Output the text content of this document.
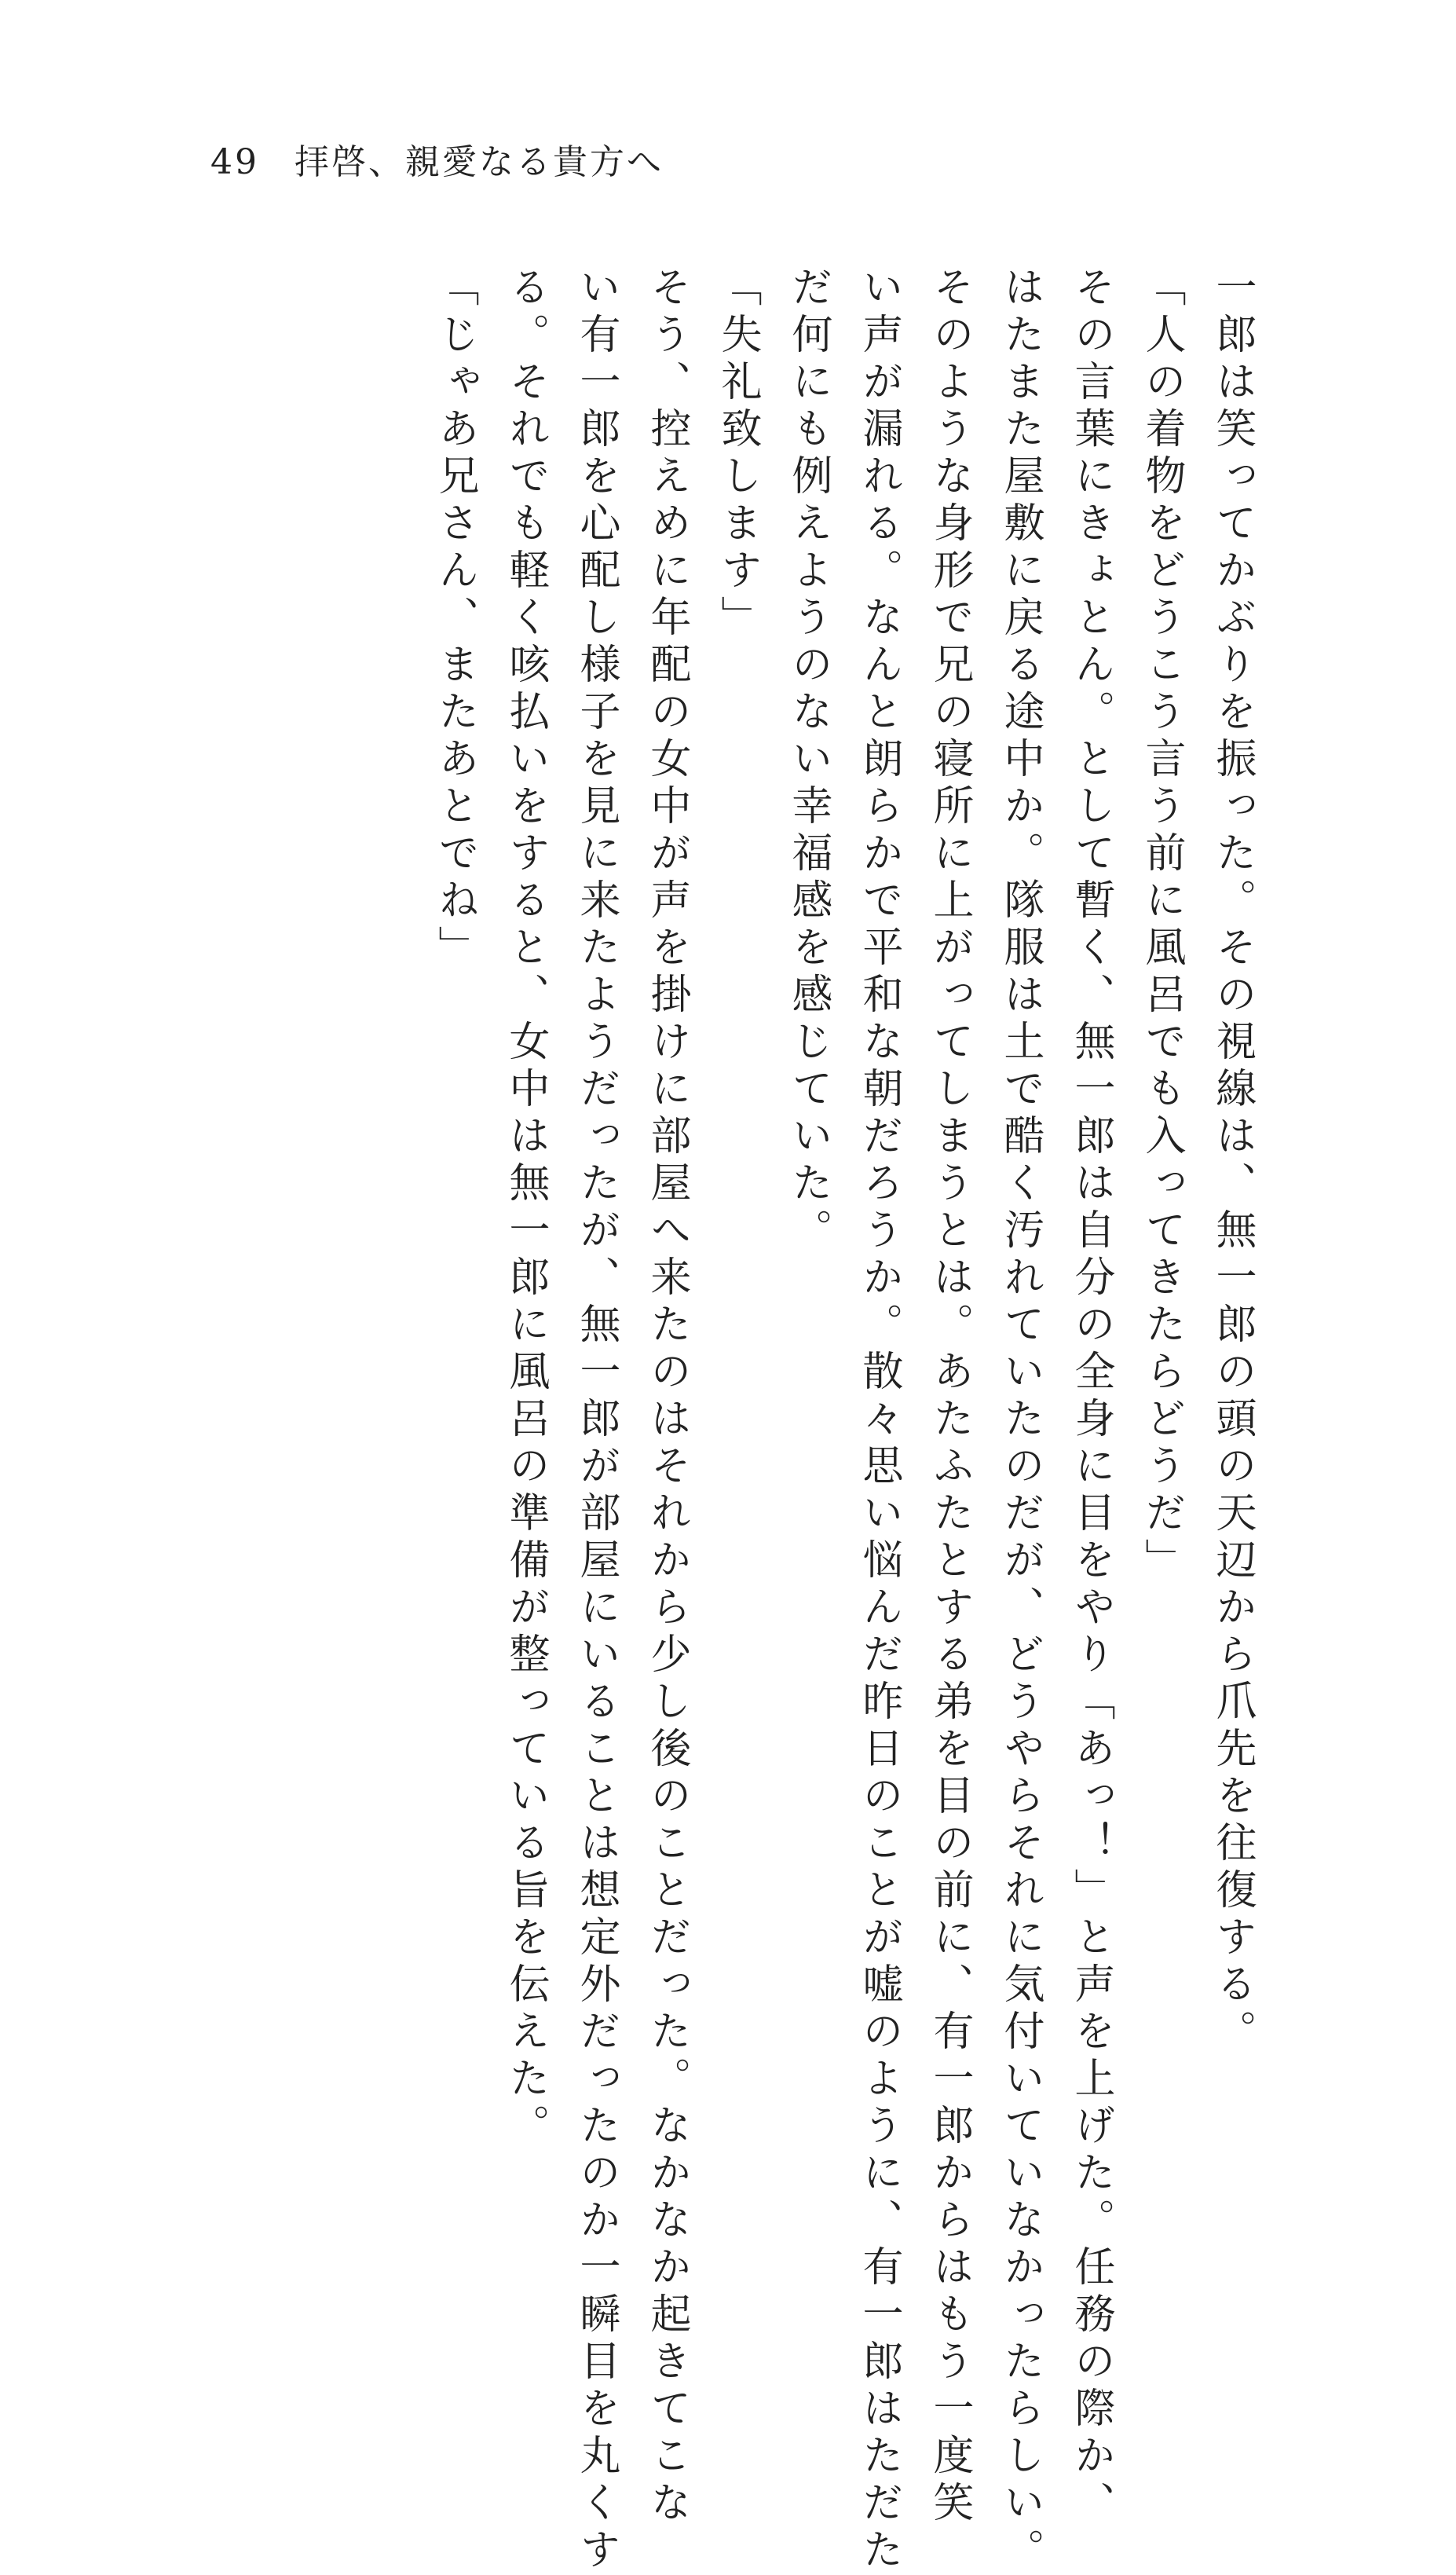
49 拝啓、親愛なる貴方へ
一郎は笑ってかぶりを振った。その視線は、無一郎の頭の天辺から爪先を往復する。
「人の着物をどうこう言う前に風呂でも入ってきたらどうだ」
その言葉にきょとん。として暫く、無一郎は自分の全身に目をやり「あっ！」と声を上げた。任務の際か、
はたまた屋敷に戻る途中か。隊服は土で酷く汚れていたのだが、どうやらそれに気付いていなかったらしい。
そのような身形で兄の寝所に上がってしまうとは。あたふたとする弟を目の前に、有一郎からはもう一度笑
い声が漏れる。なんと朗らかで平和な朝だろうか。散々思い悩んだ昨日のことが嘘のように、有一郎はただた
だ何にも例えようのない幸福感を感じていた。
「失礼致します」
そう、控えめに年配の女中が声を掛けに部屋へ来たのはそれから少し後のことだった。なかなか起きてこな
い有一郎を心配し様子を見に来たようだったが、無一郎が部屋にいることは想定外だったのか一瞬目を丸くす
る。それでも軽く咳払いをすると、女中は無一郎に風呂の準備が整っている旨を伝えた。
「じゃあ兄さん、またあとでね」
